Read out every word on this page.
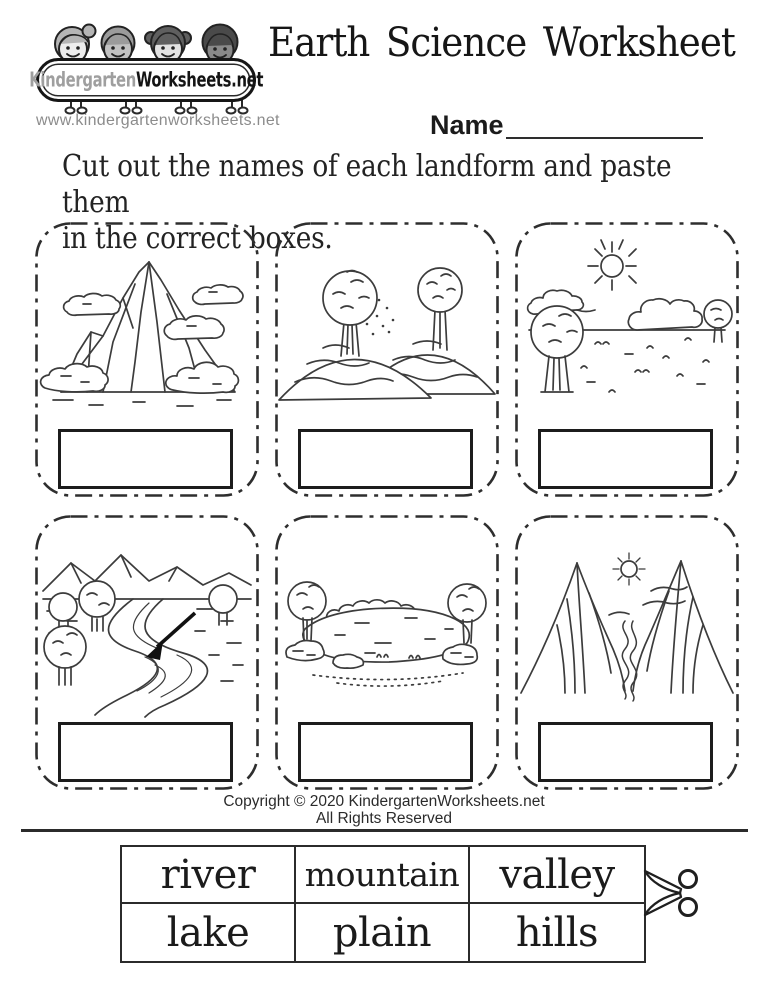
KindergartenWorksheets.net
www.kindergartenworksheets.net
Earth Science Worksheet
Name
Cut out the names of each landform and paste them
in the correct boxes.
Copyright © 2020 KindergartenWorksheets.net
All Rights Reserved
river	mountain	valley
lake	plain	hills
